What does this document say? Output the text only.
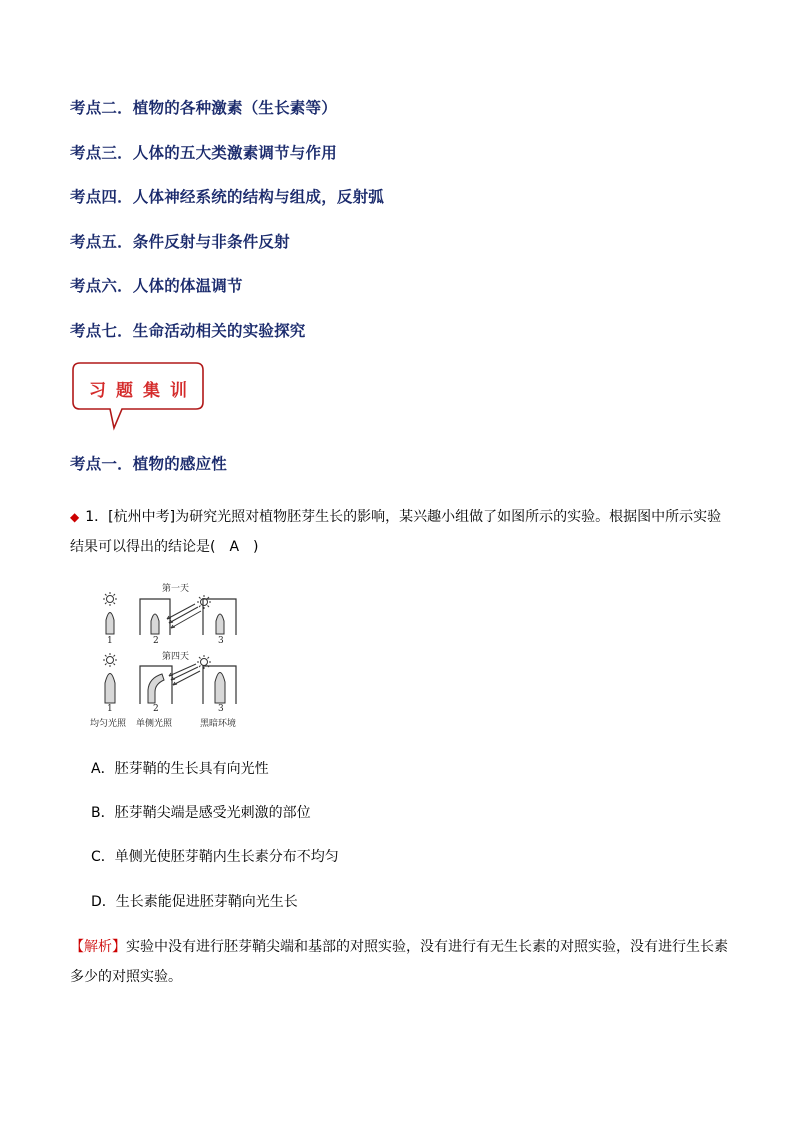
考点二．植物的各种激素（生长素等）
考点三．人体的五大类激素调节与作用
考点四．人体神经系统的结构与组成，反射弧
考点五．条件反射与非条件反射
考点六．人体的体温调节
考点七．生命活动相关的实验探究
习题集训
考点一．植物的感应性
◆ 1．[杭州中考]为研究光照对植物胚芽生长的影响，某兴趣小组做了如图所示的实验。根据图中所示实验结果可以得出的结论是(　A　)
第一天
1	2	3
第四天
1	2	3
均匀光照 单侧光照	黑暗环境
A．胚芽鞘的生长具有向光性
B．胚芽鞘尖端是感受光刺激的部位
C．单侧光使胚芽鞘内生长素分布不均匀
D．生长素能促进胚芽鞘向光生长
【解析】实验中没有进行胚芽鞘尖端和基部的对照实验，没有进行有无生长素的对照实验，没有进行生长素多少的对照实验。
